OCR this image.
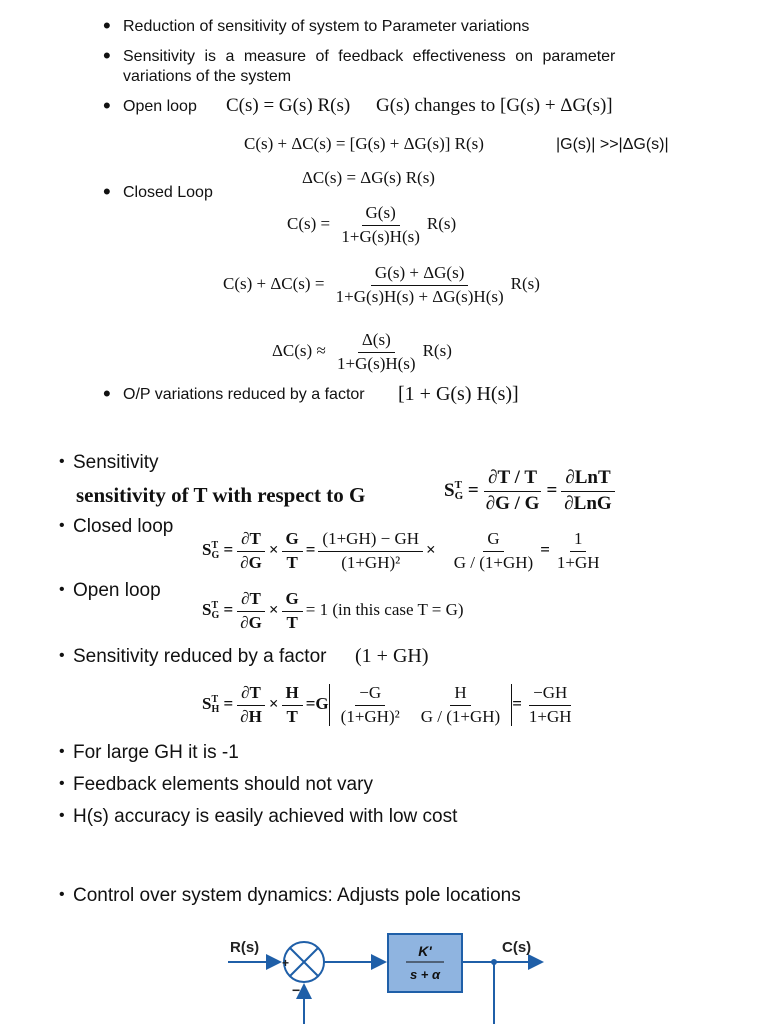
• Reduction of sensitivity of system to Parameter variations
• Sensitivity is a measure of feedback effectiveness on parameter
variations of the system
• Open loop C(s) = G(s) R(s) G(s) changes to [G(s) + ΔG(s)]
C(s) + ΔC(s) = [G(s) + ΔG(s)] R(s)	|G(s)| >>|ΔG(s)|
ΔC(s) = ΔG(s) R(s)
• Closed Loop
$C(s) = \frac{G(s)}{1+G(s)H(s)} R(s)$
$C(s) + \Delta C(s) = \frac{G(s) + \Delta G(s)}{1+G(s)H(s) + \Delta G(s)H(s)} R(s)$
$\Delta C(s) \approx \frac{\Delta(s)}{1+G(s)H(s)} R(s)$
• O/P variations reduced by a factor [1 + G(s) H(s)]
• Sensitivity
sensitivity of T with respect to G	S T
$G = \frac{\partial T / T}{\partial G / G} = \frac{\text{∂LnT}}{\text{∂LnG}}$
• Closed loop
S T
$G = \frac{\partial T}{\partial G} \times \frac{G}{T} = \frac{(1+GH) - GH}{\text{(1+GH)²}} \times \frac{G}{G / (1+GH)} = \frac{1}{1+GH}$
• Open loop
S T
$G = \frac{\partial T}{\partial G} \times \frac{G}{T} = 1$ (in this case T = G)
• Sensitivity reduced by a factor (1 + GH)
S T
$H = \frac{\partial T}{\partial H} \times \frac{H}{T} =G \frac{-G}{\text{(1+GH)²}} \frac{H}{G / (1+GH)} = \frac{-GH}{1+GH}$
• For large GH it is -1
• Feedback elements should not vary
• H(s) accuracy is easily achieved with low cost
• Control over system dynamics: Adjusts pole locations
R(s)
+
−
K'
s + α
C(s)
